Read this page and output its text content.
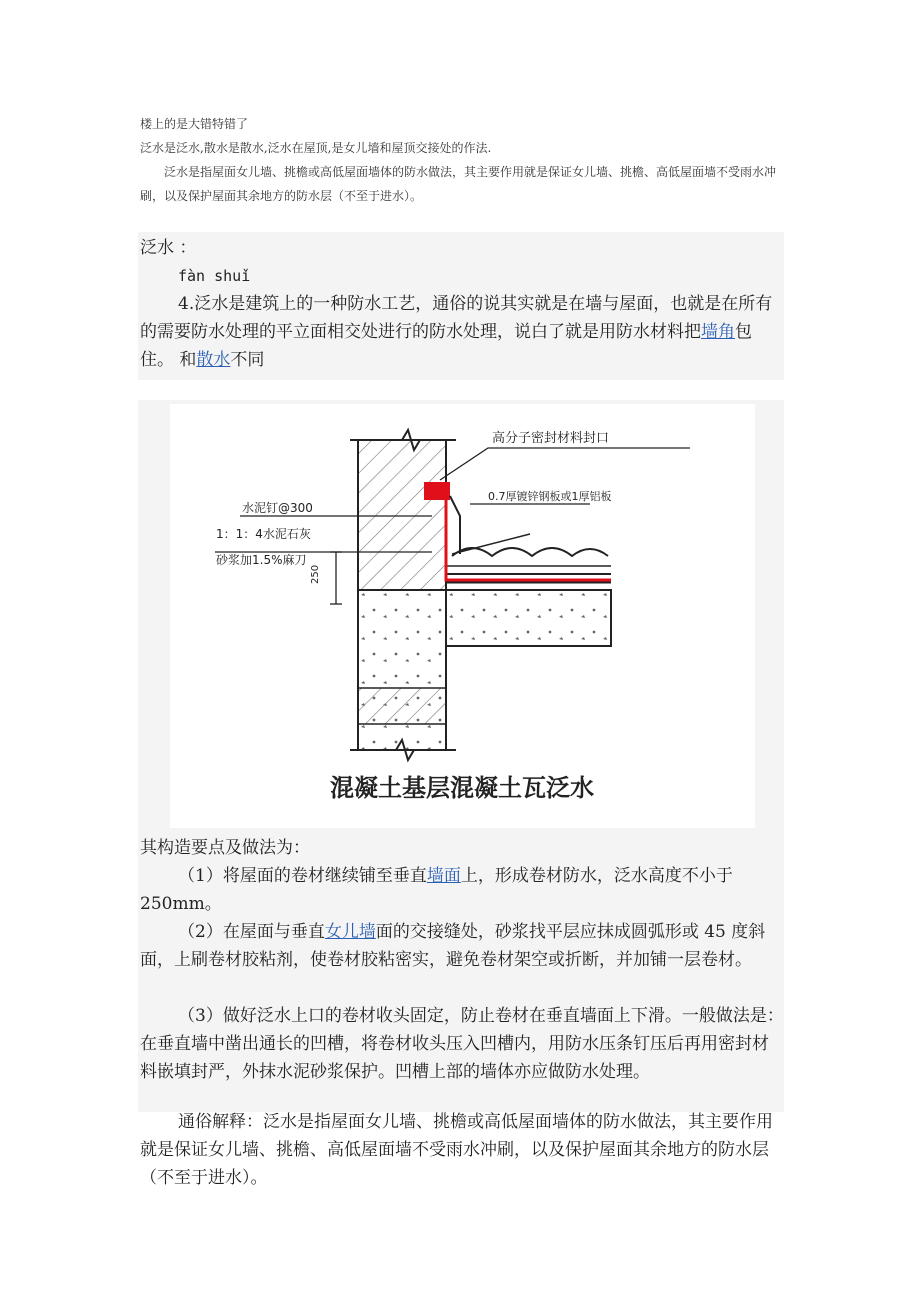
楼上的是大错特错了
泛水是泛水,散水是散水,泛水在屋顶,是女儿墙和屋顶交接处的作法.

泛水是指屋面女儿墙、挑檐或高低屋面墙体的防水做法，其主要作用就是保证女儿墙、挑檐、高低屋面墙不受雨水冲刷，以及保护屋面其余地方的防水层（不至于进水）。

泛水 ：
fàn shuǐ

4.泛水是建筑上的一种防水工艺，通俗的说其实就是在墙与屋面，也就是在所有的需要防水处理的平立面相交处进行的防水处理，说白了就是用防水材料把墙角包住。 和散水不同

高分子密封材料封口
0.7厚镀锌钢板或1厚铝板
水泥钉@300
1：1：4水泥石灰
砂浆加1.5%麻刀
250
混凝土基层混凝土瓦泛水
其构造要点及做法为：

（1）将屋面的卷材继续铺至垂直墙面上，形成卷材防水，泛水高度不小于 250mm。

（2）在屋面与垂直女儿墙面的交接缝处，砂浆找平层应抹成圆弧形或 45 度斜面，上刷卷材胶粘剂，使卷材胶粘密实，避免卷材架空或折断，并加铺一层卷材。

（3）做好泛水上口的卷材收头固定，防止卷材在垂直墙面上下滑。一般做法是：在垂直墙中凿出通长的凹槽，将卷材收头压入凹槽内，用防水压条钉压后再用密封材料嵌填封严，外抹水泥砂浆保护。凹槽上部的墙体亦应做防水处理。

通俗解释：泛水是指屋面女儿墙、挑檐或高低屋面墙体的防水做法，其主要作用就是保证女儿墙、挑檐、高低屋面墙不受雨水冲刷，以及保护屋面其余地方的防水层（不至于进水）。
